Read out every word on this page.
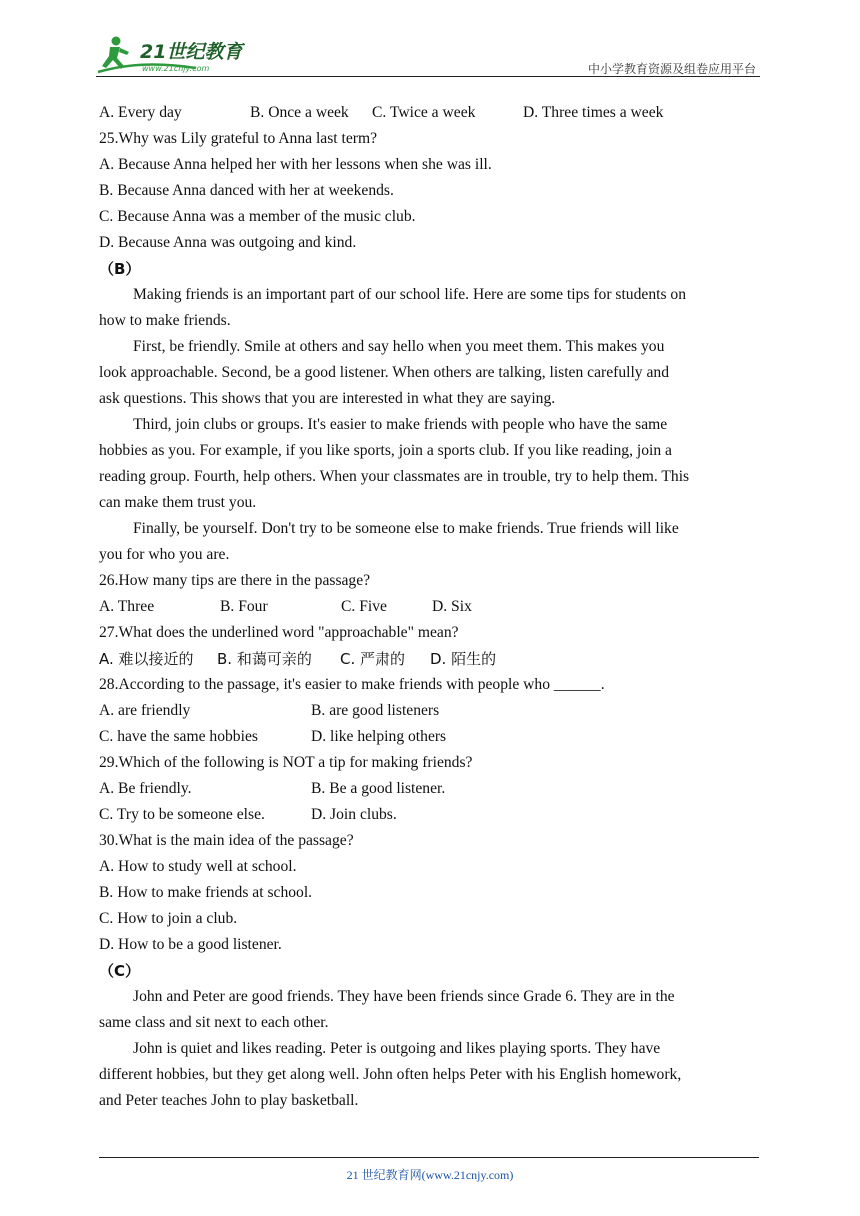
21世纪教育
www.21cnjy.com	中小学教育资源及组卷应用平台
A. Every day	B. Once a week C. Twice a week	D. Three times a week
25.Why was Lily grateful to Anna last term?
A. Because Anna helped her with her lessons when she was ill.
B. Because Anna danced with her at weekends.
C. Because Anna was a member of the music club.
D. Because Anna was outgoing and kind.
（B）
Making friends is an important part of our school life. Here are some tips for students on
how to make friends.
First, be friendly. Smile at others and say hello when you meet them. This makes you
look approachable. Second, be a good listener. When others are talking, listen carefully and
ask questions. This shows that you are interested in what they are saying.
Third, join clubs or groups. It's easier to make friends with people who have the same
hobbies as you. For example, if you like sports, join a sports club. If you like reading, join a
reading group. Fourth, help others. When your classmates are in trouble, try to help them. This
can make them trust you.
Finally, be yourself. Don't try to be someone else to make friends. True friends will like
you for who you are.
26.How many tips are there in the passage?
A. Three	B. Four	C. Five	D. Six
27.What does the underlined word "approachable" mean?
A. 难以接近的 B. 和蔼可亲的 C. 严肃的 D. 陌生的
28.According to the passage, it's easier to make friends with people who ______.
A. are friendly	B. are good listeners
C. have the same hobbies	D. like helping others
29.Which of the following is NOT a tip for making friends?
A. Be friendly.	B. Be a good listener.
C. Try to be someone else.	D. Join clubs.
30.What is the main idea of the passage?
A. How to study well at school.
B. How to make friends at school.
C. How to join a club.
D. How to be a good listener.
（C）
John and Peter are good friends. They have been friends since Grade 6. They are in the
same class and sit next to each other.
John is quiet and likes reading. Peter is outgoing and likes playing sports. They have
different hobbies, but they get along well. John often helps Peter with his English homework,
and Peter teaches John to play basketball.
21 世纪教育网(www.21cnjy.com)
